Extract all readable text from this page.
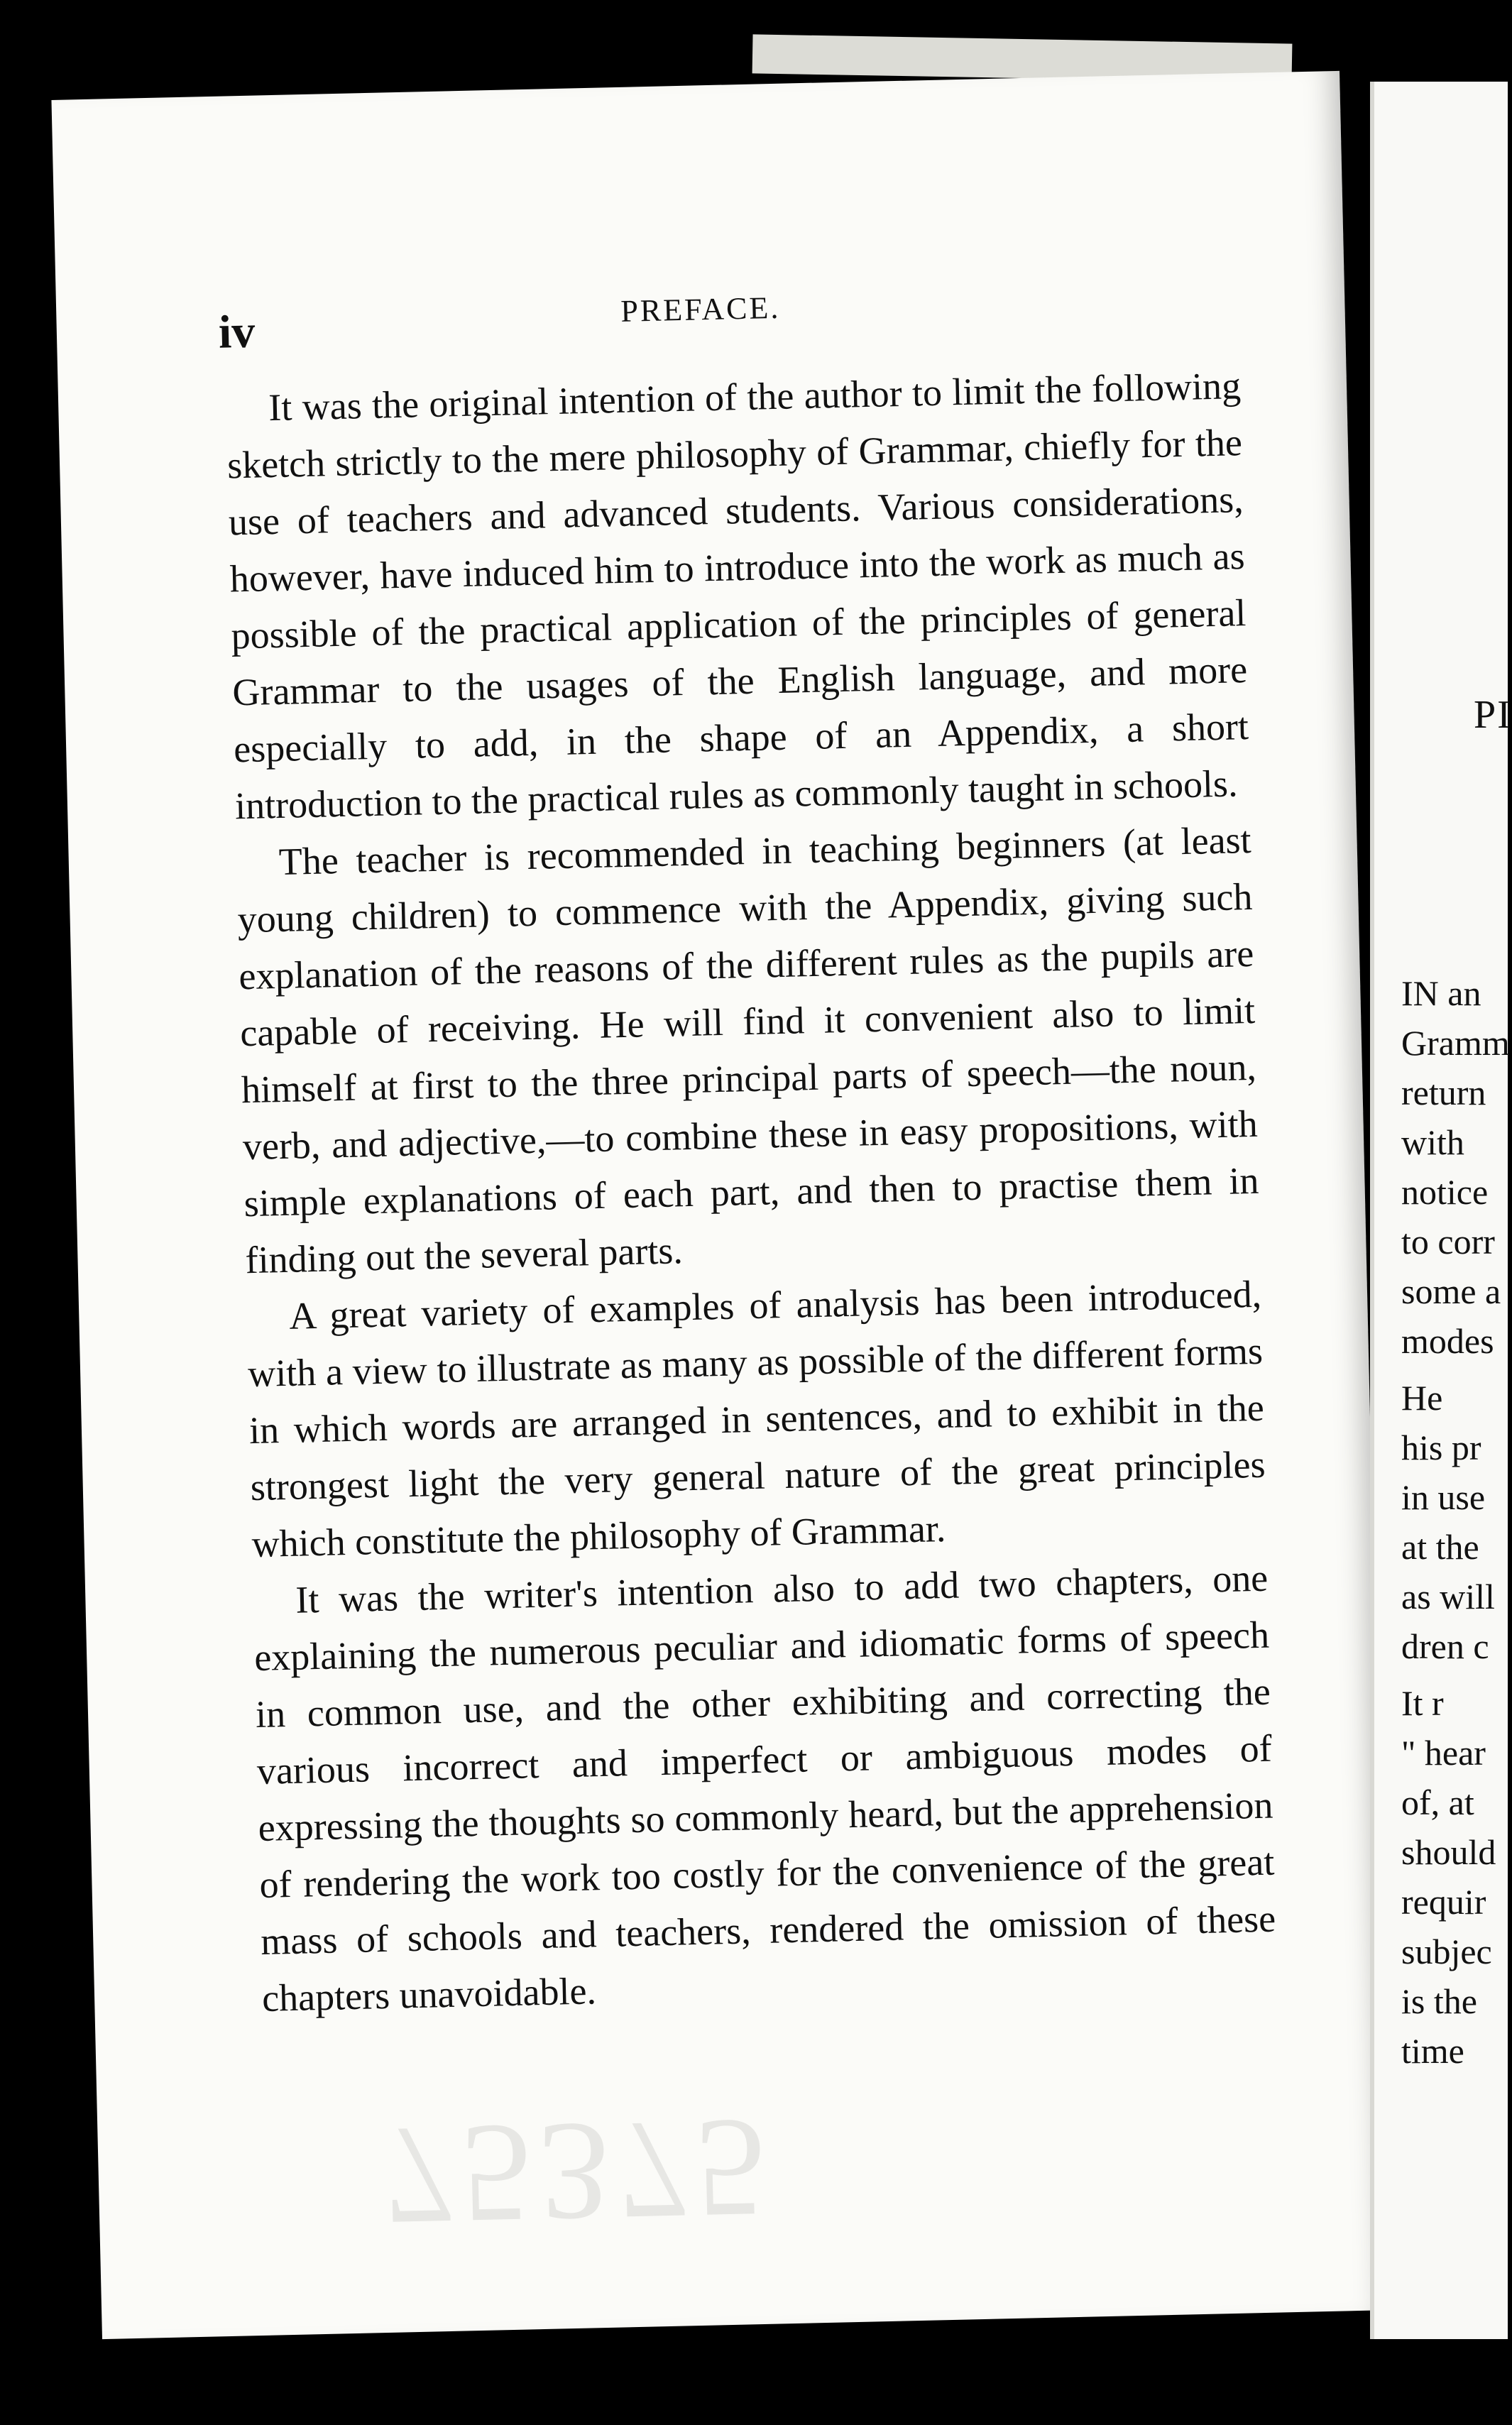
iv	PREFACE.

It was the original intention of the author to limit the following sketch strictly to the mere philosophy of Grammar, chiefly for the use of teachers and advanced students. Various considerations, however, have induced him to introduce into the work as much as possible of the practical application of the principles of general Grammar to the usages of the English language, and more especially to add, in the shape of an Appendix, a short introduction to the practical rules as commonly taught in schools.

The teacher is recommended in teaching beginners (at least young children) to commence with the Appendix, giving such explanation of the reasons of the different rules as the pupils are capable of receiving. He will find it convenient also to limit himself at first to the three principal parts of speech—the noun, verb, and adjective,—to combine these in easy propositions, with simple explanations of each part, and then to practise them in finding out the several parts.

A great variety of examples of analysis has been introduced, with a view to illustrate as many as possible of the different forms in which words are arranged in sentences, and to exhibit in the strongest light the very general nature of the great principles which constitute the philosophy of Grammar.

It was the writer's intention also to add two chapters, one explaining the numerous peculiar and idiomatic forms of speech in common use, and the other exhibiting and correcting the various incorrect and imperfect or ambiguous modes of expressing the thoughts so commonly heard, but the apprehension of rendering the work too costly for the convenience of the great mass of schools and teachers, rendered the omission of these chapters unavoidable.

75375
PI
IN an
Gramm
return
with
notice
to corr
some a
modes
He
his pr
in use
at the
as will
dren c
It r
" hear
of, at
should
requir
subjec
is the
time
